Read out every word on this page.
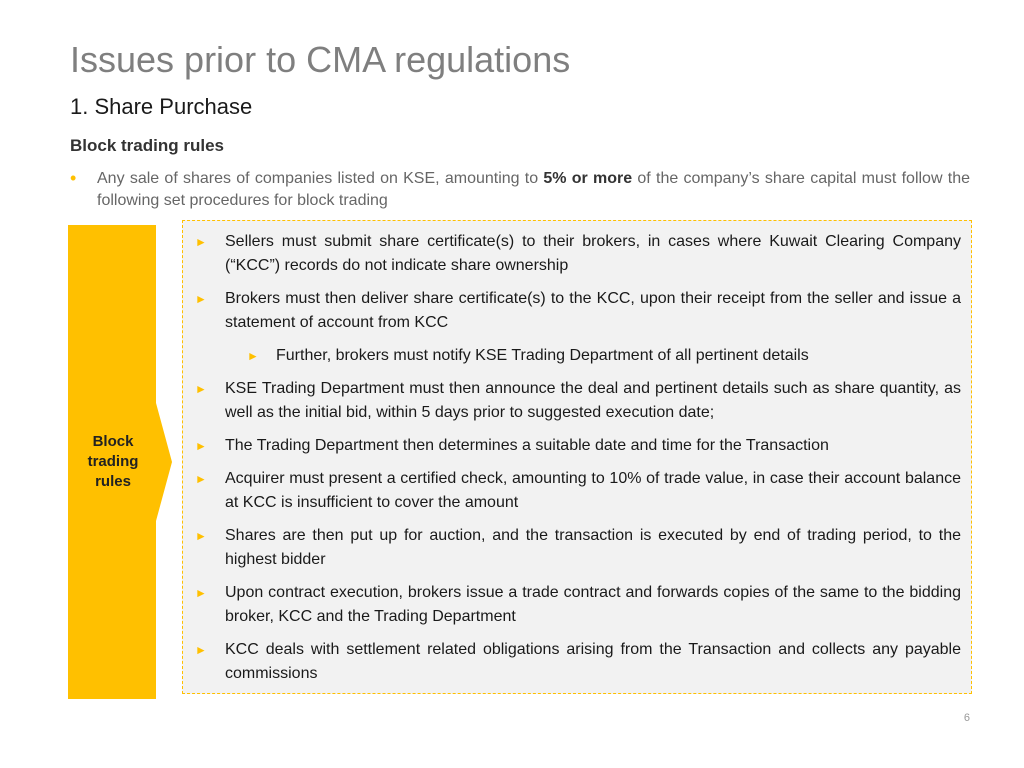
Issues prior to CMA regulations
1. Share Purchase
Block trading rules
• Any sale of shares of companies listed on KSE, amounting to 5% or more of the company’s share capital must follow the following set procedures for block trading
Block trading rules
► Sellers must submit share certificate(s) to their brokers, in cases where Kuwait Clearing Company (“KCC”) records do not indicate share ownership
► Brokers must then deliver share certificate(s) to the KCC, upon their receipt from the seller and issue a statement of account from KCC
► Further, brokers must notify KSE Trading Department of all pertinent details
► KSE Trading Department must then announce the deal and pertinent details such as share quantity, as well as the initial bid, within 5 days prior to suggested execution date;
► The Trading Department then determines a suitable date and time for the Transaction
► Acquirer must present a certified check, amounting to 10% of trade value, in case their account balance at KCC is insufficient to cover the amount
► Shares are then put up for auction, and the transaction is executed by end of trading period, to the highest bidder
► Upon contract execution, brokers issue a trade contract and forwards copies of the same to the bidding broker, KCC and the Trading Department
► KCC deals with settlement related obligations arising from the Transaction and collects any payable commissions
6
